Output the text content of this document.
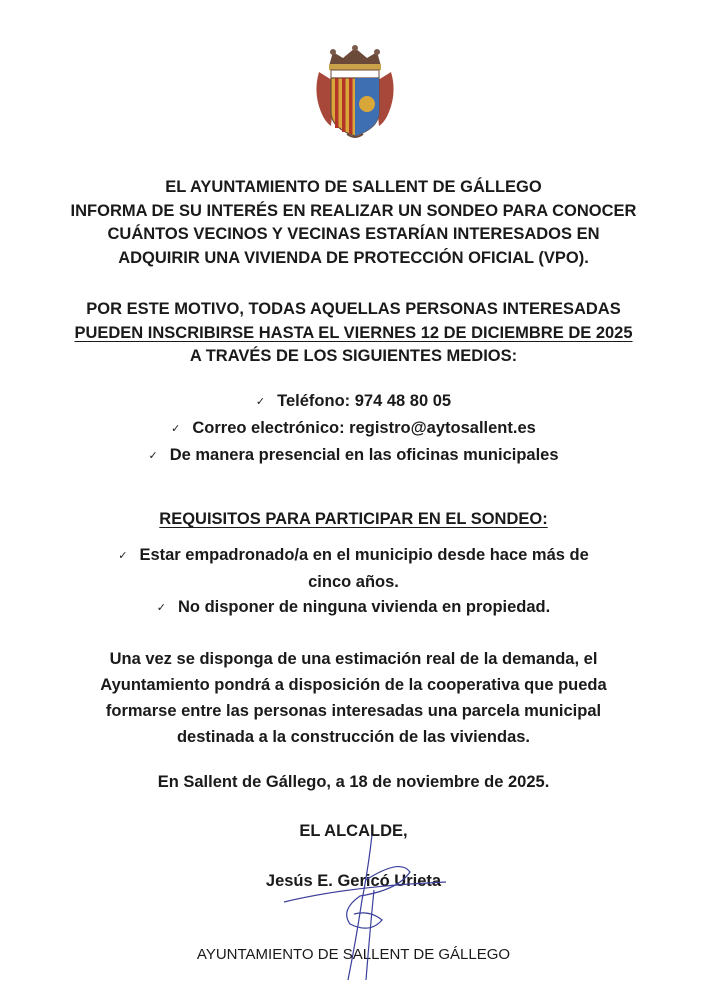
EL AYUNTAMIENTO DE SALLENT DE GÁLLEGO
INFORMA DE SU INTERÉS EN REALIZAR UN SONDEO PARA CONOCER
CUÁNTOS VECINOS Y VECINAS ESTARÍAN INTERESADOS EN
ADQUIRIR UNA VIVIENDA DE PROTECCIÓN OFICIAL (VPO).
POR ESTE MOTIVO, TODAS AQUELLAS PERSONAS INTERESADAS
PUEDEN INSCRIBIRSE HASTA EL VIERNES 12 DE DICIEMBRE DE 2025
A TRAVÉS DE LOS SIGUIENTES MEDIOS:
✓ Teléfono: 974 48 80 05
✓ Correo electrónico: registro@aytosallent.es
✓ De manera presencial en las oficinas municipales
REQUISITOS PARA PARTICIPAR EN EL SONDEO:
✓ Estar empadronado/a en el municipio desde hace más de
cinco años.
✓ No disponer de ninguna vivienda en propiedad.
Una vez se disponga de una estimación real de la demanda, el
Ayuntamiento pondrá a disposición de la cooperativa que pueda
formarse entre las personas interesadas una parcela municipal
destinada a la construcción de las viviendas.
En Sallent de Gállego, a 18 de noviembre de 2025.
EL ALCALDE,
Jesús E. Gericó Urieta
AYUNTAMIENTO DE SALLENT DE GÁLLEGO
